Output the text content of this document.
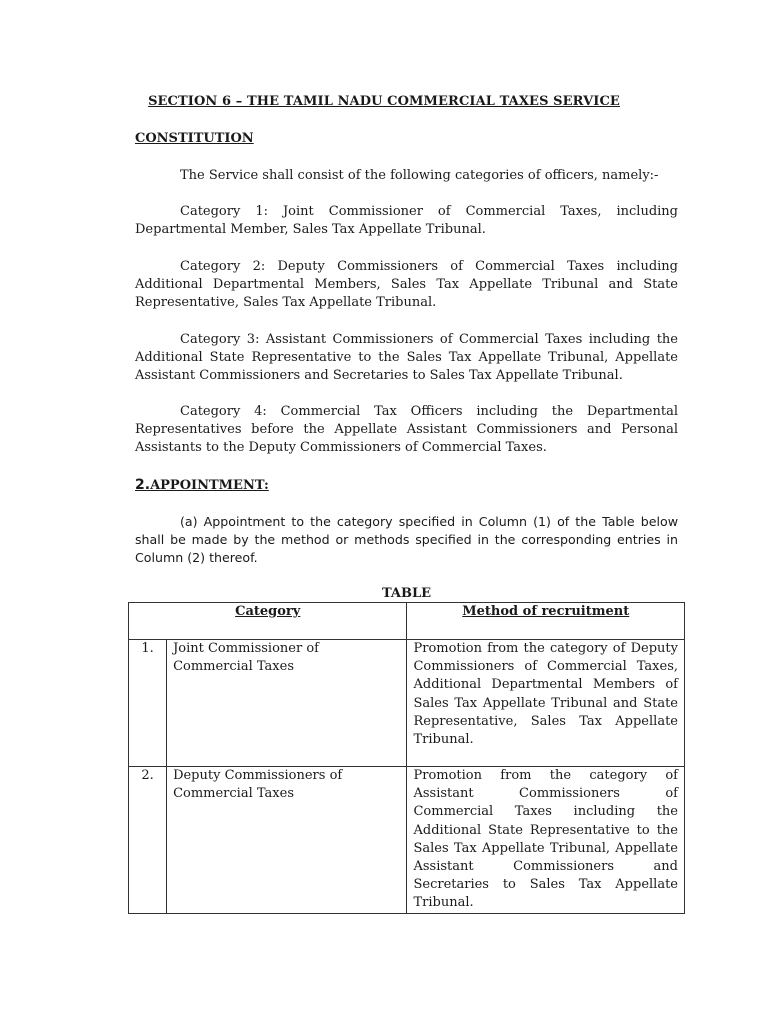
SECTION 6 – THE TAMIL NADU COMMERCIAL TAXES SERVICE
CONSTITUTION
The Service shall consist of the following categories of officers, namely:-
Category 1: Joint Commissioner of Commercial Taxes, including Departmental Member, Sales Tax Appellate Tribunal.
Category 2: Deputy Commissioners of Commercial Taxes including Additional Departmental Members, Sales Tax Appellate Tribunal and State Representative, Sales Tax Appellate Tribunal.
Category 3: Assistant Commissioners of Commercial Taxes including the Additional State Representative to the Sales Tax Appellate Tribunal, Appellate Assistant Commissioners and Secretaries to Sales Tax Appellate Tribunal.
Category 4: Commercial Tax Officers including the Departmental Representatives before the Appellate Assistant Commissioners and Personal Assistants to the Deputy Commissioners of Commercial Taxes.
2.APPOINTMENT:
(a) Appointment to the category specified in Column (1) of the Table below shall be made by the method or methods specified in the corresponding entries in Column (2) thereof.
TABLE
Category		Method of recruitment
1.	Joint Commissioner of Commercial Taxes	Promotion from the category of Deputy Commissioners of Commercial Taxes, Additional Departmental Members of Sales Tax Appellate Tribunal and State Representative, Sales Tax Appellate Tribunal.
2.	Deputy Commissioners of Commercial Taxes	Promotion from the category of Assistant Commissioners of Commercial Taxes including the Additional State Representative to the Sales Tax Appellate Tribunal, Appellate Assistant Commissioners and Secretaries to Sales Tax Appellate Tribunal.
